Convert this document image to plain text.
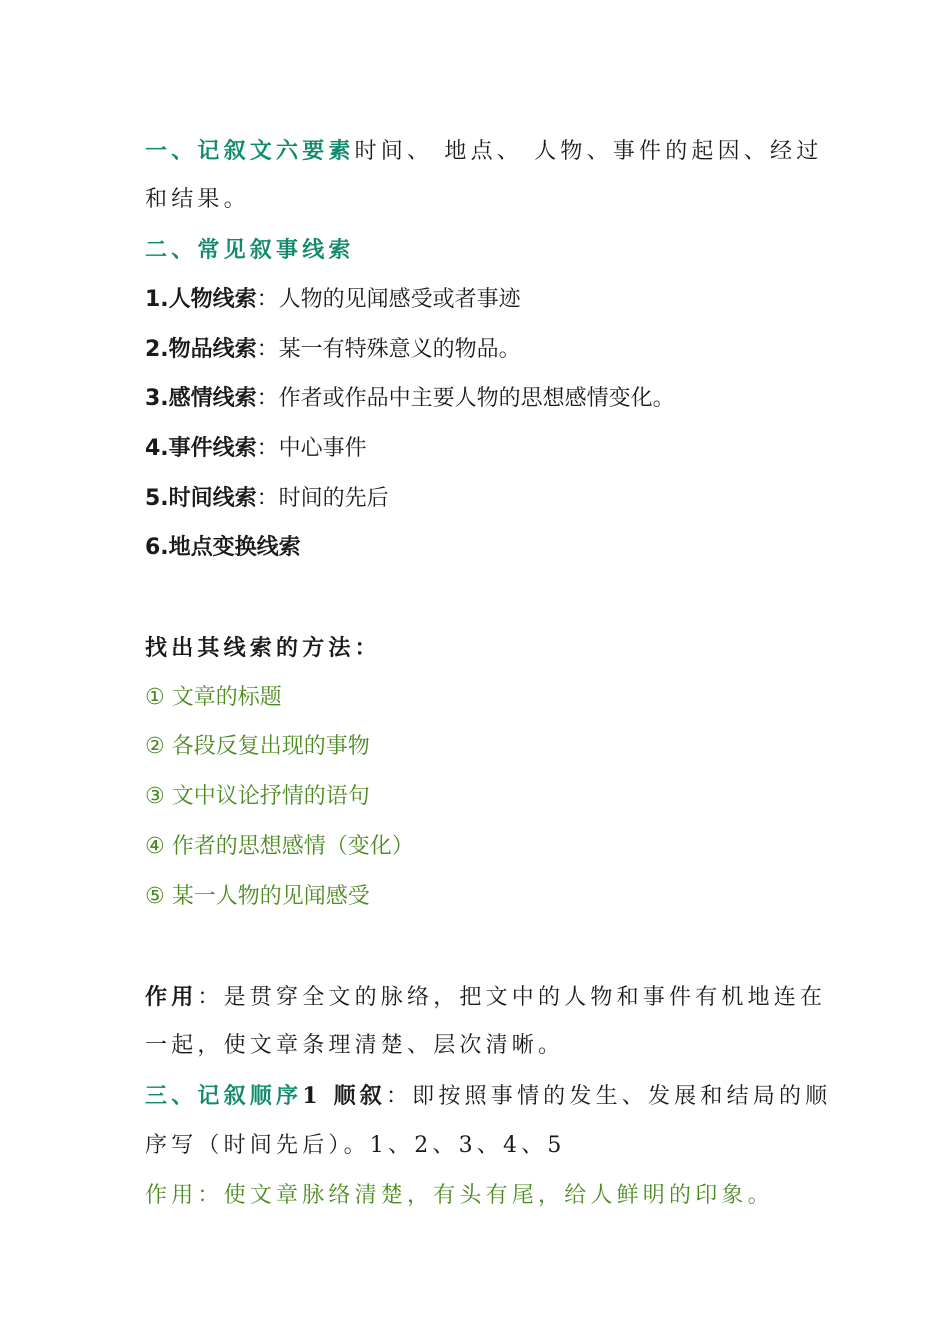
一、记叙文六要素时间、 地点、 人物、事件的起因、经过
和结果。
二、常见叙事线索
1.人物线索：人物的见闻感受或者事迹
2.物品线索：某一有特殊意义的物品。
3.感情线索：作者或作品中主要人物的思想感情变化。
4.事件线索：中心事件
5.时间线索：时间的先后
6.地点变换线索
找出其线索的方法：
① 文章的标题
② 各段反复出现的事物
③ 文中议论抒情的语句
④ 作者的思想感情（变化）
⑤ 某一人物的见闻感受
作用：是贯穿全文的脉络，把文中的人物和事件有机地连在
一起，使文章条理清楚、层次清晰。
三、记叙顺序1 顺叙：即按照事情的发生、发展和结局的顺
序写（时间先后）。1、2、3、4、5
作用：使文章脉络清楚，有头有尾，给人鲜明的印象。
